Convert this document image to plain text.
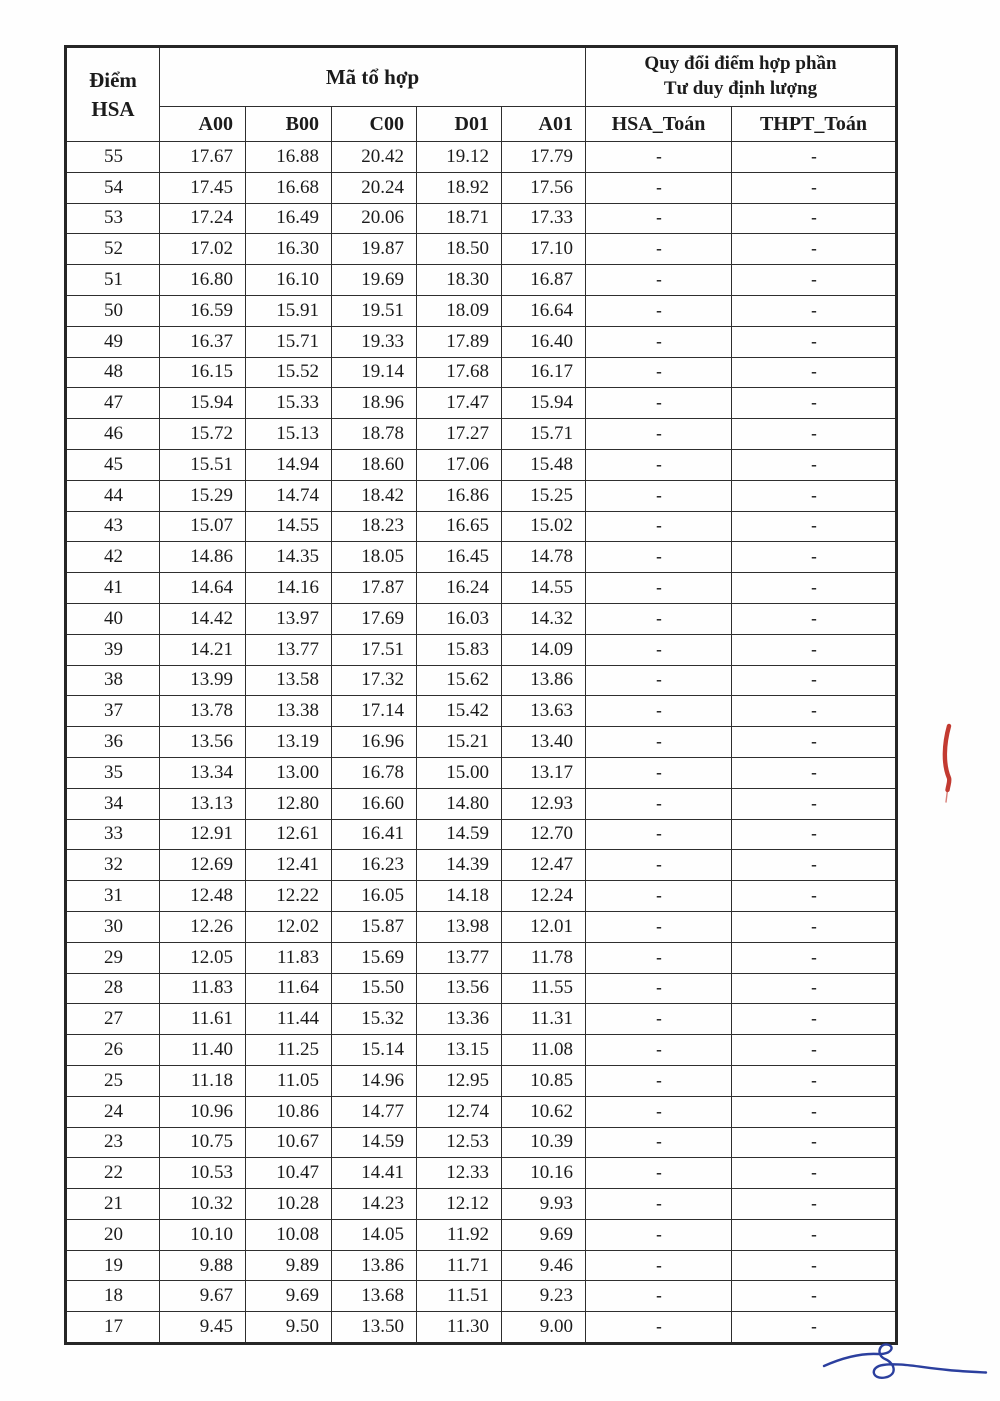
Điểm
HSA	Mã tổ hợp					Quy đổi điểm hợp phần
Tư duy định lượng	
	A00	B00	C00	D01	A01	HSA_Toán	THPT_Toán
55	17.67	16.88	20.42	19.12	17.79	-	-
54	17.45	16.68	20.24	18.92	17.56	-	-
53	17.24	16.49	20.06	18.71	17.33	-	-
52	17.02	16.30	19.87	18.50	17.10	-	-
51	16.80	16.10	19.69	18.30	16.87	-	-
50	16.59	15.91	19.51	18.09	16.64	-	-
49	16.37	15.71	19.33	17.89	16.40	-	-
48	16.15	15.52	19.14	17.68	16.17	-	-
47	15.94	15.33	18.96	17.47	15.94	-	-
46	15.72	15.13	18.78	17.27	15.71	-	-
45	15.51	14.94	18.60	17.06	15.48	-	-
44	15.29	14.74	18.42	16.86	15.25	-	-
43	15.07	14.55	18.23	16.65	15.02	-	-
42	14.86	14.35	18.05	16.45	14.78	-	-
41	14.64	14.16	17.87	16.24	14.55	-	-
40	14.42	13.97	17.69	16.03	14.32	-	-
39	14.21	13.77	17.51	15.83	14.09	-	-
38	13.99	13.58	17.32	15.62	13.86	-	-
37	13.78	13.38	17.14	15.42	13.63	-	-
36	13.56	13.19	16.96	15.21	13.40	-	-
35	13.34	13.00	16.78	15.00	13.17	-	-
34	13.13	12.80	16.60	14.80	12.93	-	-
33	12.91	12.61	16.41	14.59	12.70	-	-
32	12.69	12.41	16.23	14.39	12.47	-	-
31	12.48	12.22	16.05	14.18	12.24	-	-
30	12.26	12.02	15.87	13.98	12.01	-	-
29	12.05	11.83	15.69	13.77	11.78	-	-
28	11.83	11.64	15.50	13.56	11.55	-	-
27	11.61	11.44	15.32	13.36	11.31	-	-
26	11.40	11.25	15.14	13.15	11.08	-	-
25	11.18	11.05	14.96	12.95	10.85	-	-
24	10.96	10.86	14.77	12.74	10.62	-	-
23	10.75	10.67	14.59	12.53	10.39	-	-
22	10.53	10.47	14.41	12.33	10.16	-	-
21	10.32	10.28	14.23	12.12	9.93	-	-
20	10.10	10.08	14.05	11.92	9.69	-	-
19	9.88	9.89	13.86	11.71	9.46	-	-
18	9.67	9.69	13.68	11.51	9.23	-	-
17	9.45	9.50	13.50	11.30	9.00	-	-
